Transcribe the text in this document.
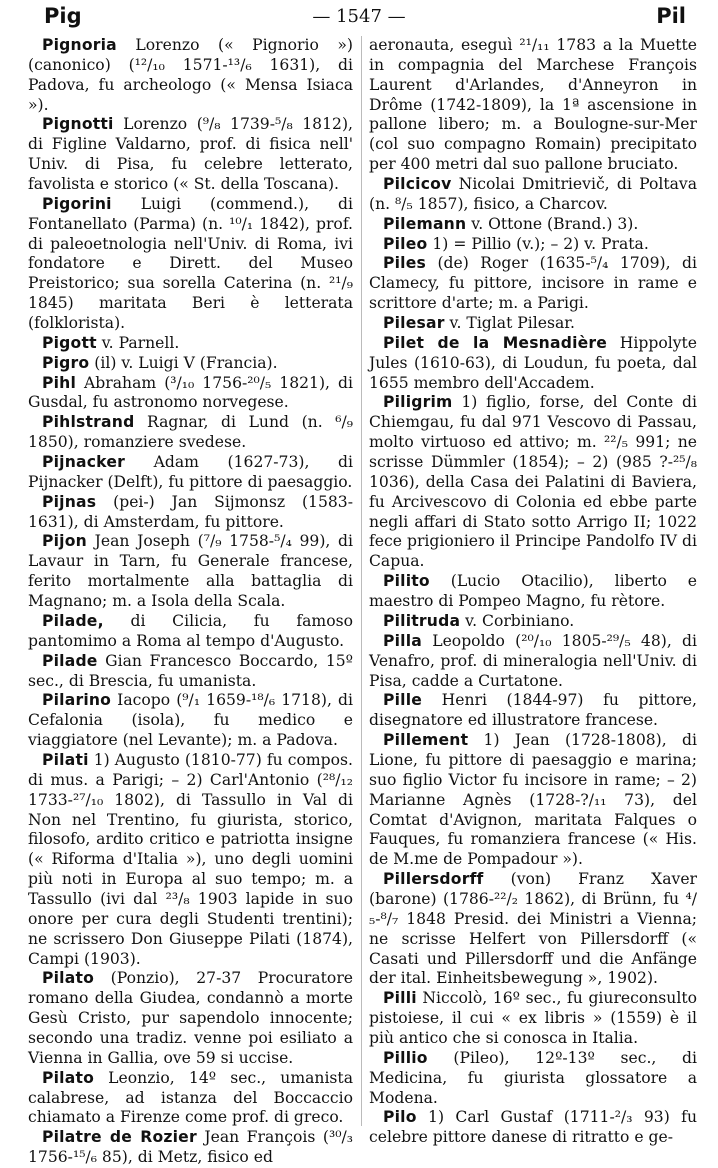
Pig	— 1547 —	Pil

Pignoria Lorenzo (« Pignorio ») (canonico) (¹²/₁₀ 1571-¹³/₆ 1631), di Padova, fu archeologo (« Mensa Isiaca »).

Pignotti Lorenzo (⁹/₈ 1739-⁵/₈ 1812), di Figline Valdarno, prof. di fisica nell' Univ. di Pisa, fu celebre letterato, favolista e storico (« St. della Toscana).

Pigorini Luigi (commend.), di Fontanellato (Parma) (n. ¹⁰/₁ 1842), prof. di paleoetnologia nell'Univ. di Roma, ivi fondatore e Dirett. del Museo Preistorico; sua sorella Caterina (n. ²¹/₉ 1845) maritata Beri è letterata (folklorista).

Pigott v. Parnell.

Pigro (il) v. Luigi V (Francia).

Pihl Abraham (³/₁₀ 1756-²⁰/₅ 1821), di Gusdal, fu astronomo norvegese.

Pihlstrand Ragnar, di Lund (n. ⁶/₉ 1850), romanziere svedese.

Pijnacker Adam (1627-73), di Pijnacker (Delft), fu pittore di paesaggio.

Pijnas (pei-) Jan Sijmonsz (1583-1631), di Amsterdam, fu pittore.

Pijon Jean Joseph (⁷/₉ 1758-⁵/₄ 99), di Lavaur in Tarn, fu Generale francese, ferito mortalmente alla battaglia di Magnano; m. a Isola della Scala.

Pilade, di Cilicia, fu famoso pantomimo a Roma al tempo d'Augusto.

Pilade Gian Francesco Boccardo, 15º sec., di Brescia, fu umanista.

Pilarino Iacopo (⁹/₁ 1659-¹⁸/₆ 1718), di Cefalonia (isola), fu medico e viaggiatore (nel Levante); m. a Padova.

Pilati 1) Augusto (1810-77) fu compos. di mus. a Parigi; – 2) Carl'Antonio (²⁸/₁₂ 1733-²⁷/₁₀ 1802), di Tassullo in Val di Non nel Trentino, fu giurista, storico, filosofo, ardito critico e patriotta insigne (« Riforma d'Italia »), uno degli uomini più noti in Europa al suo tempo; m. a Tassullo (ivi dal ²³/₈ 1903 lapide in suo onore per cura degli Studenti trentini); ne scrissero Don Giuseppe Pilati (1874), Campi (1903).

Pilato (Ponzio), 27-37 Procuratore romano della Giudea, condannò a morte Gesù Cristo, pur sapendolo innocente; secondo una tradiz. venne poi esiliato a Vienna in Gallia, ove 59 si uccise.

Pilato Leonzio, 14º sec., umanista calabrese, ad istanza del Boccaccio chiamato a Firenze come prof. di greco.

Pilatre de Rozier Jean François (³⁰/₃ 1756-¹⁵/₆ 85), di Metz, fisico ed

aeronauta, eseguì ²¹/₁₁ 1783 a la Muette in compagnia del Marchese François Laurent d'Arlandes, d'Anneyron in Drôme (1742-1809), la 1ª ascensione in pallone libero; m. a Boulogne-sur-Mer (col suo compagno Romain) precipitato per 400 metri dal suo pallone bruciato.

Pilcicov Nicolai Dmitrievič, di Poltava (n. ⁸/₅ 1857), fisico, a Charcov.

Pilemann v. Ottone (Brand.) 3).

Pileo 1) = Pillio (v.); – 2) v. Prata.

Piles (de) Roger (1635-⁵/₄ 1709), di Clamecy, fu pittore, incisore in rame e scrittore d'arte; m. a Parigi.

Pilesar v. Tiglat Pilesar.

Pilet de la Mesnadière Hippolyte Jules (1610-63), di Loudun, fu poeta, dal 1655 membro dell'Accadem.

Piligrim 1) figlio, forse, del Conte di Chiemgau, fu dal 971 Vescovo di Passau, molto virtuoso ed attivo; m. ²²/₅ 991; ne scrisse Dümmler (1854); – 2) (985 ?-²⁵/₈ 1036), della Casa dei Palatini di Baviera, fu Arcivescovo di Colonia ed ebbe parte negli affari di Stato sotto Arrigo II; 1022 fece prigioniero il Principe Pandolfo IV di Capua.

Pilito (Lucio Otacilio), liberto e maestro di Pompeo Magno, fu rètore.

Pilitruda v. Corbiniano.

Pilla Leopoldo (²⁰/₁₀ 1805-²⁹/₅ 48), di Venafro, prof. di mineralogia nell'Univ. di Pisa, cadde a Curtatone.

Pille Henri (1844-97) fu pittore, disegnatore ed illustratore francese.

Pillement 1) Jean (1728-1808), di Lione, fu pittore di paesaggio e marina; suo figlio Victor fu incisore in rame; – 2) Marianne Agnès (1728-?/₁₁ 73), del Comtat d'Avignon, maritata Falques o Fauques, fu romanziera francese (« His. de M.me de Pompadour »).

Pillersdorff (von) Franz Xaver (barone) (1786-²²/₂ 1862), di Brünn, fu ⁴/₅-⁸/₇ 1848 Presid. dei Ministri a Vienna; ne scrisse Helfert von Pillersdorff (« Casati und Pillersdorff und die Anfänge der ital. Einheitsbewegung », 1902).

Pilli Niccolò, 16º sec., fu giureconsulto pistoiese, il cui « ex libris » (1559) è il più antico che si conosca in Italia.

Pillio (Pileo), 12º-13º sec., di Medicina, fu giurista glossatore a Modena.

Pilo 1) Carl Gustaf (1711-²/₃ 93) fu celebre pittore danese di ritratto e ge-
